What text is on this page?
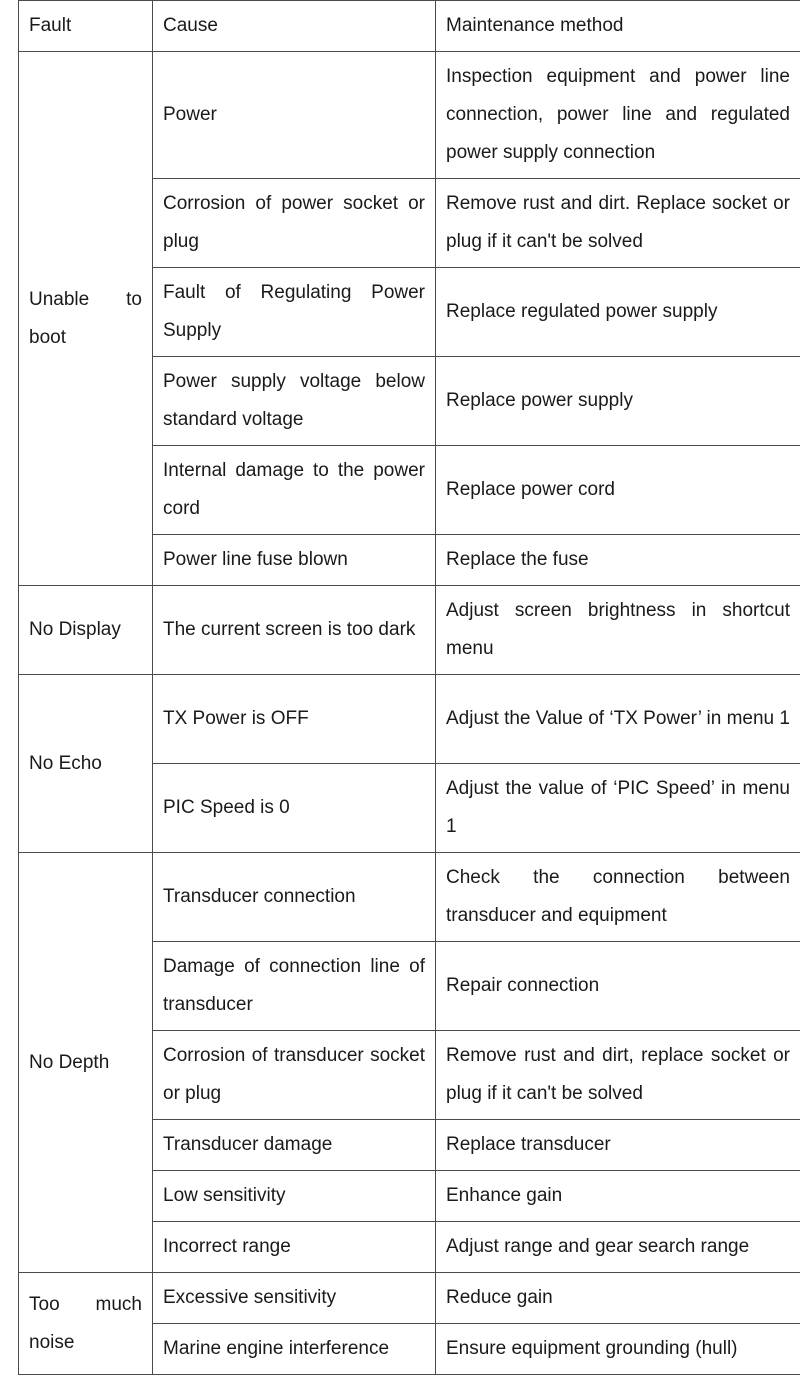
Fault	Cause	Maintenance method
Unable to boot	Power	Inspection equipment and power line connection, power line and regulated power supply connection
	Corrosion of power socket or plug	Remove rust and dirt. Replace socket or plug if it can't be solved
	Fault of Regulating Power Supply	Replace regulated power supply
	Power supply voltage below standard voltage	Replace power supply
	Internal damage to the power cord	Replace power cord
	Power line fuse blown	Replace the fuse
No Display	The current screen is too dark	Adjust screen brightness in shortcut menu
No Echo	TX Power is OFF	Adjust the Value of ‘TX Power’ in menu 1
	PIC Speed is 0	Adjust the value of ‘PIC Speed’ in menu 1
No Depth	Transducer connection	Check the connection between transducer and equipment
	Damage of connection line of transducer	Repair connection
	Corrosion of transducer socket or plug	Remove rust and dirt, replace socket or plug if it can't be solved
	Transducer damage	Replace transducer
	Low sensitivity	Enhance gain
	Incorrect range	Adjust range and gear search range
Too much noise	Excessive sensitivity	Reduce gain
	Marine engine interference	Ensure equipment grounding (hull)
